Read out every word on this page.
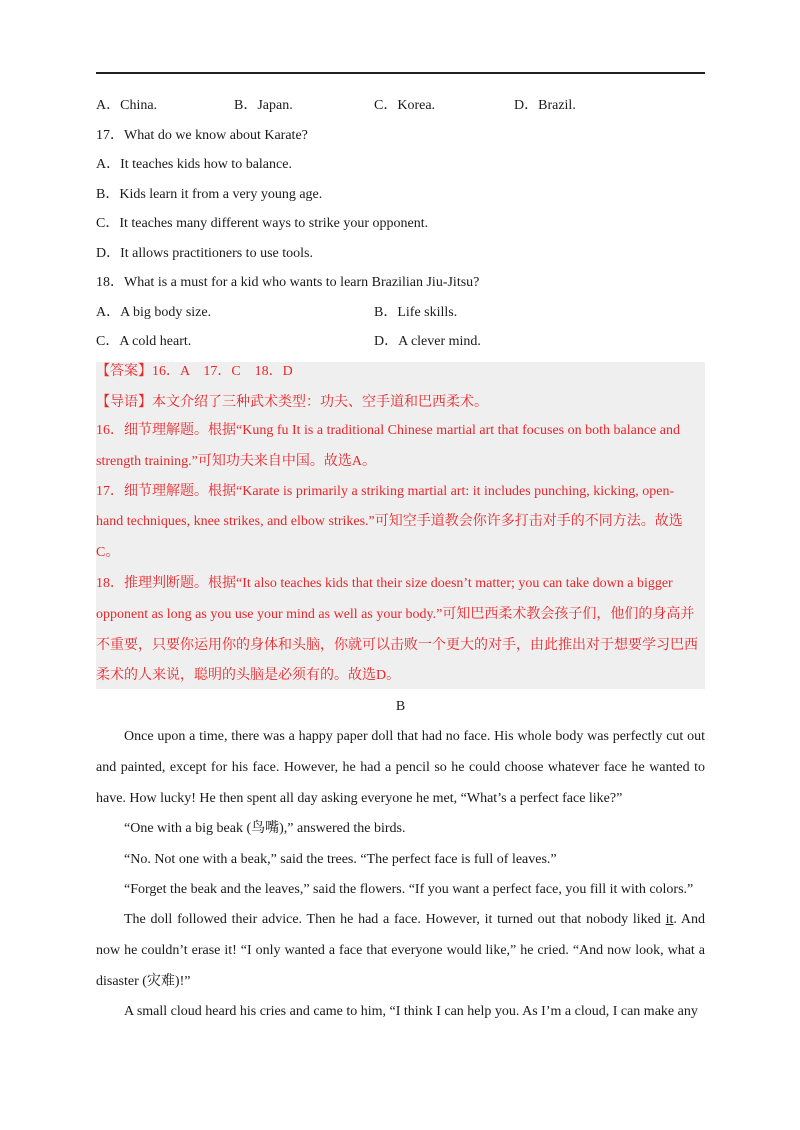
A．China.	B．Japan.	C．Korea.	D．Brazil.
17．What do we know about Karate?
A．It teaches kids how to balance.
B．Kids learn it from a very young age.
C．It teaches many different ways to strike your opponent.
D．It allows practitioners to use tools.
18．What is a must for a kid who wants to learn Brazilian Jiu-Jitsu?
A．A big body size.	B．Life skills.
C．A cold heart.	D．A clever mind.
【答案】16．A　17．C　18．D
【导语】本文介绍了三种武术类型：功夫、空手道和巴西柔术。
16．细节理解题。根据“Kung fu It is a traditional Chinese martial art that focuses on both balance and
strength training.”可知功夫来自中国。故选A。
17．细节理解题。根据“Karate is primarily a striking martial art: it includes punching, kicking, open-
hand techniques, knee strikes, and elbow strikes.”可知空手道教会你许多打击对手的不同方法。故选
C。
18．推理判断题。根据“It also teaches kids that their size doesn’t matter; you can take down a bigger
opponent as long as you use your mind as well as your body.”可知巴西柔术教会孩子们，他们的身高并
不重要，只要你运用你的身体和头脑，你就可以击败一个更大的对手，由此推出对于想要学习巴西
柔术的人来说，聪明的头脑是必须有的。故选D。
B
Once upon a time, there was a happy paper doll that had no face. His whole body was perfectly cut out and painted, except for his face. However, he had a pencil so he could choose whatever face he wanted to have. How lucky! He then spent all day asking everyone he met, “What’s a perfect face like?”
“One with a big beak (鸟嘴),” answered the birds.
“No. Not one with a beak,” said the trees. “The perfect face is full of leaves.”
“Forget the beak and the leaves,” said the flowers. “If you want a perfect face, you fill it with colors.”
The doll followed their advice. Then he had a face. However, it turned out that nobody liked it. And now he couldn’t erase it! “I only wanted a face that everyone would like,” he cried. “And now look, what a disaster (灾难)!”
A small cloud heard his cries and came to him, “I think I can help you. As I’m a cloud, I can make any
